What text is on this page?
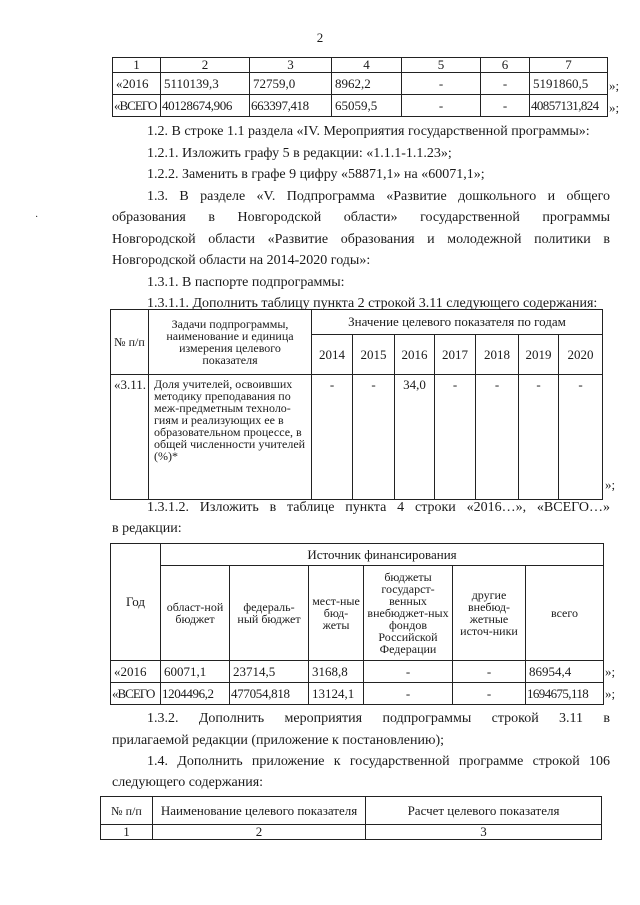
2
·
1	2	3	4	5	6	7
«2016	5110139,3	72759,0	8962,2	-	-	5191860,5
«ВСЕГО	40128674,906	663397,418	65059,5	-	-	40857131,824
»;
»;
1.2. В строке 1.1 раздела «IV. Мероприятия государственной программы»:
1.2.1. Изложить графу 5 в редакции: «1.1.1-1.1.23»;
1.2.2. Заменить в графе 9 цифру «58871,1» на «60071,1»;
1.3. В разделе «V. Подпрограмма «Развитие дошкольного и общего
образования в Новгородской области» государственной программы
Новгородской области «Развитие образования и молодежной политики в
Новгородской области на 2014-2020 годы»:
1.3.1. В паспорте подпрограммы:
1.3.1.1. Дополнить таблицу пункта 2 строкой 3.11 следующего содержания:
№ п/п	Задачи подпрограммы, наименование и единица измерения целевого показателя	Значение целевого показателя по годам						
		2014	2015	2016	2017	2018	2019	2020
«3.11.	Доля учителей, освоивших методику преподавания по меж-предметным техноло-гиям и реализующих ее в образовательном процессе, в общей численности учителей (%)*	-	-	34,0	-	-	-	-
»;
1.3.1.2. Изложить в таблице пункта 4 строки «2016…», «ВСЕГО…»
в редакции:
Год	Источник финансирования					
	област-ной бюджет	федераль-ный бюджет	мест-ные бюд-жеты	бюджеты государст-венных внебюджет-ных фондов Российской Федерации	другие внебюд-жетные источ-ники	всего
«2016	60071,1	23714,5	3168,8	-	-	86954,4
«ВСЕГО	1204496,2	477054,818	13124,1	-	-	1694675,118
»;
»;
1.3.2. Дополнить мероприятия подпрограммы строкой 3.11 в
прилагаемой редакции (приложение к постановлению);
1.4. Дополнить приложение к государственной программе строкой 106
следующего содержания:
№ п/п	Наименование целевого показателя	Расчет целевого показателя
1	2	3
